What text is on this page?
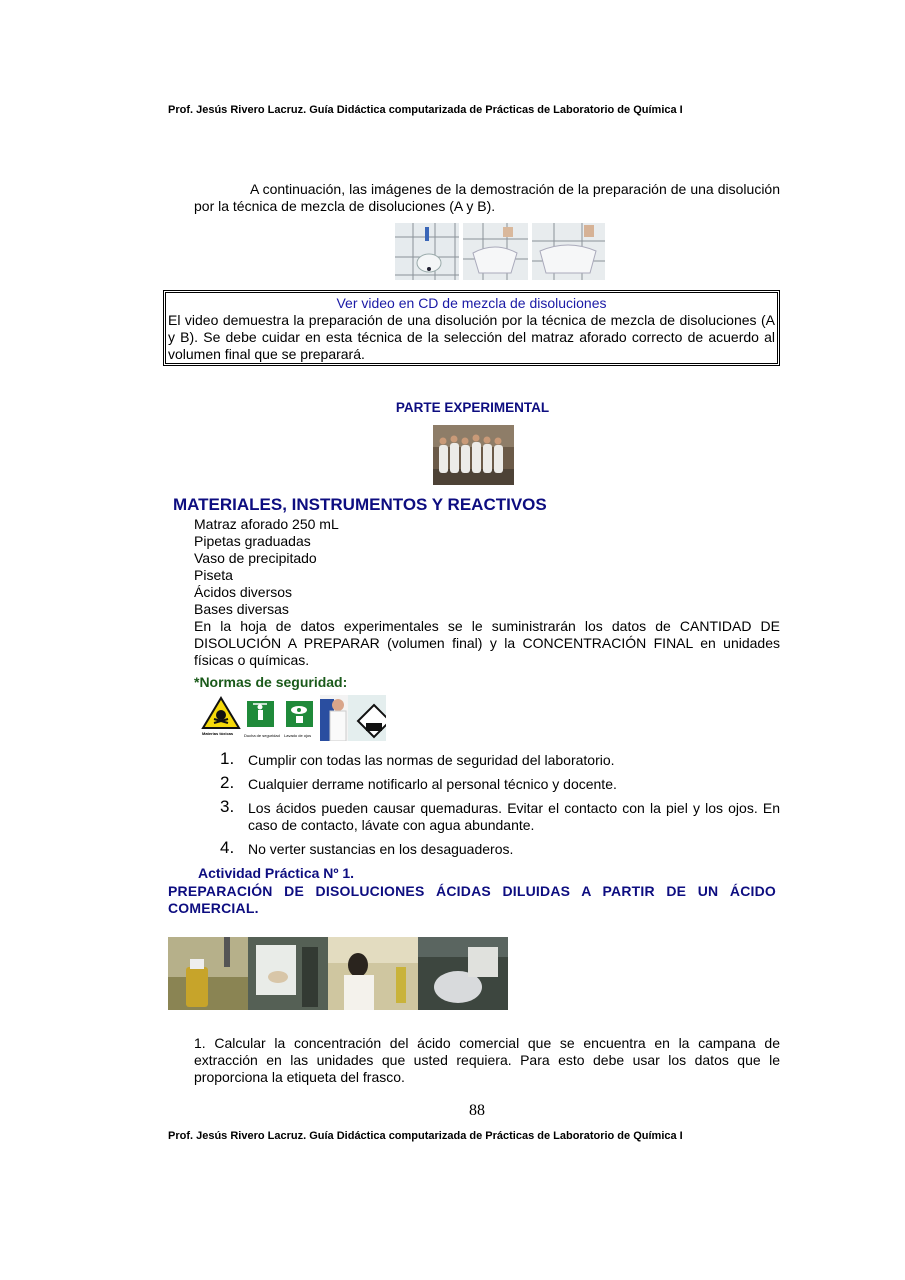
Prof. Jesús Rivero Lacruz. Guía Didáctica computarizada de Prácticas de Laboratorio de Química I
A continuación, las imágenes de la demostración de la preparación de una disolución por la técnica de mezcla de disoluciones (A y B).
Ver video en CD de mezcla de disoluciones
El video demuestra la preparación de una disolución por la técnica de mezcla de disoluciones (A y B). Se debe cuidar en esta técnica de la selección del matraz aforado correcto de acuerdo al volumen final que se preparará.
PARTE EXPERIMENTAL
MATERIALES, INSTRUMENTOS Y REACTIVOS
Matraz aforado 250 mL
Pipetas graduadas
Vaso de precipitado
Piseta
Ácidos diversos
Bases diversas
En la hoja de datos experimentales se le suministrarán los datos de CANTIDAD DE DISOLUCIÓN A PREPARAR (volumen final) y la CONCENTRACIÓN FINAL en unidades físicas o químicas.
*Normas de seguridad:
Materias tóxicas	Ducha de seguridad Lavado de ojos
1. Cumplir con todas las normas de seguridad del laboratorio.
2. Cualquier derrame notificarlo al personal técnico y docente.
3. Los ácidos pueden causar quemaduras. Evitar el contacto con la piel y los ojos. En caso de contacto, lávate con agua abundante.
4. No verter sustancias en los desaguaderos.
Actividad Práctica Nº 1.
PREPARACIÓN DE DISOLUCIONES ÁCIDAS DILUIDAS A PARTIR DE UN ÁCIDO COMERCIAL.
1. Calcular la concentración del ácido comercial que se encuentra en la campana de extracción en las unidades que usted requiera. Para esto debe usar los datos que le proporciona la etiqueta del frasco.
88
Prof. Jesús Rivero Lacruz. Guía Didáctica computarizada de Prácticas de Laboratorio de Química I
